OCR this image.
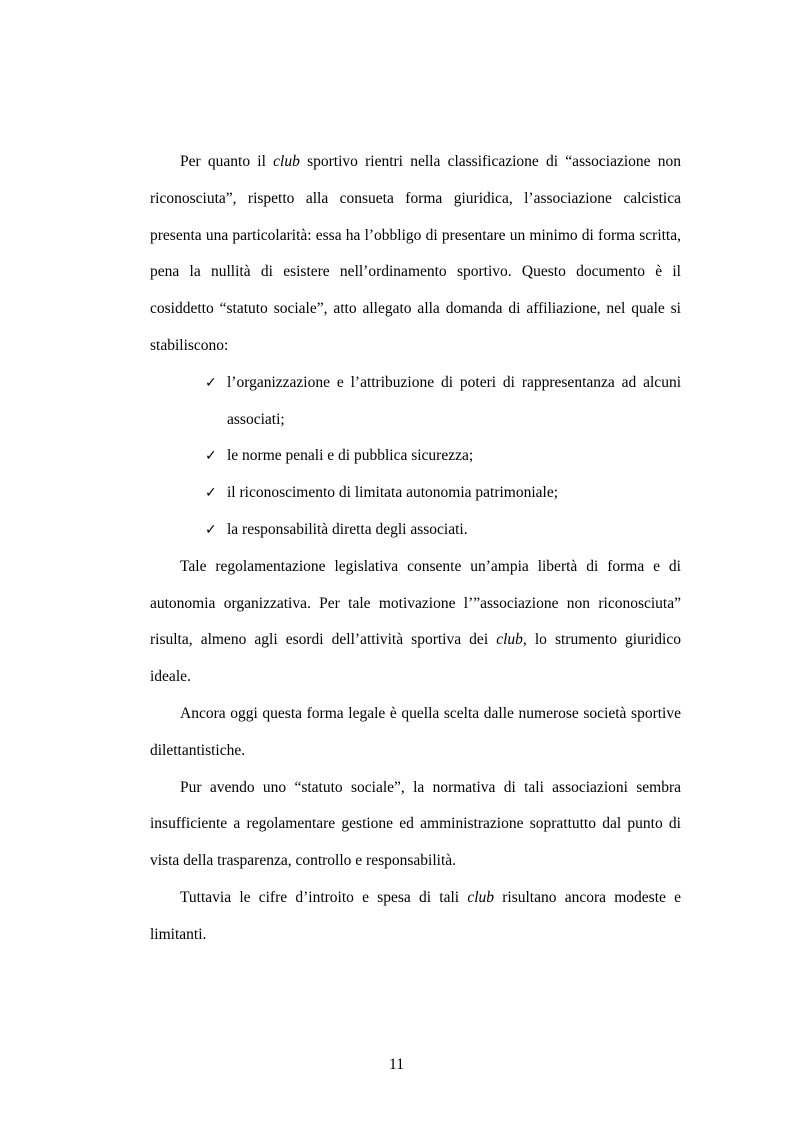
Per quanto il club sportivo rientri nella classificazione di “associazione non riconosciuta”, rispetto alla consueta forma giuridica, l’associazione calcistica presenta una particolarità: essa ha l’obbligo di presentare un minimo di forma scritta, pena la nullità di esistere nell’ordinamento sportivo. Questo documento è il cosiddetto “statuto sociale”, atto allegato alla domanda di affiliazione, nel quale si stabiliscono:

✓ l’organizzazione e l’attribuzione di poteri di rappresentanza ad alcuni associati;
✓ le norme penali e di pubblica sicurezza;
✓ il riconoscimento di limitata autonomia patrimoniale;
✓ la responsabilità diretta degli associati.

Tale regolamentazione legislativa consente un’ampia libertà di forma e di autonomia organizzativa. Per tale motivazione l’”associazione non riconosciuta” risulta, almeno agli esordi dell’attività sportiva dei club, lo strumento giuridico ideale.

Ancora oggi questa forma legale è quella scelta dalle numerose società sportive dilettantistiche.

Pur avendo uno “statuto sociale”, la normativa di tali associazioni sembra insufficiente a regolamentare gestione ed amministrazione soprattutto dal punto di vista della trasparenza, controllo e responsabilità.

Tuttavia le cifre d’introito e spesa di tali club risultano ancora modeste e limitanti.

11
